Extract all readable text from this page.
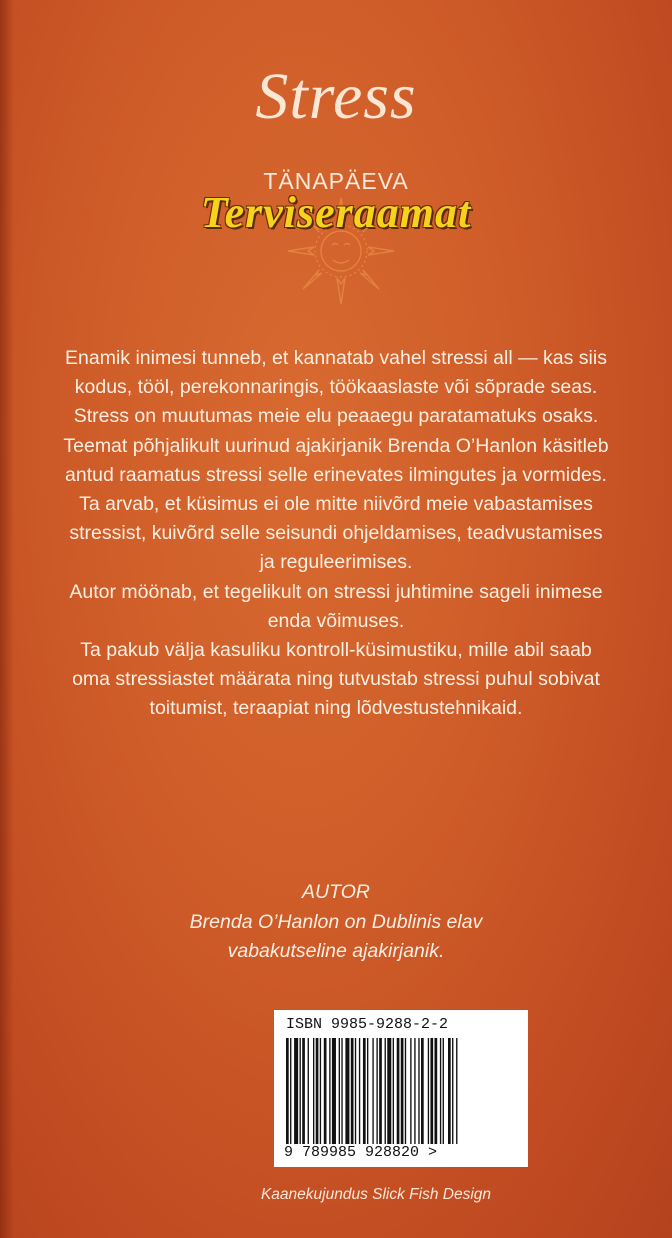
Stress
TÄNAPÄEVA
Terviseraamat

Enamik inimesi tunneb, et kannatab vahel stressi all — kas siis kodus, tööl, perekonnaringis, töökaaslaste või sõprade seas. Stress on muutumas meie elu peaaegu paratamatuks osaks.

Teemat põhjalikult uurinud ajakirjanik Brenda O’Hanlon käsitleb antud raamatus stressi selle erinevates ilmingutes ja vormides. Ta arvab, et küsimus ei ole mitte niivõrd meie vabastamises stressist, kuivõrd selle seisundi ohjeldamises, teadvustamises ja reguleerimises.

Autor möönab, et tegelikult on stressi juhtimine sageli inimese enda võimuses.

Ta pakub välja kasuliku kontroll-küsimustiku, mille abil saab oma stressiastet määrata ning tutvustab stressi puhul sobivat toitumist, teraapiat ning lõdvestustehnikaid.

AUTOR

Brenda O’Hanlon on Dublinis elav

vabakutseline ajakirjanik.

ISBN 9985-9288-2-2
9 789985 928820 >
Kaanekujundus Slick Fish Design
